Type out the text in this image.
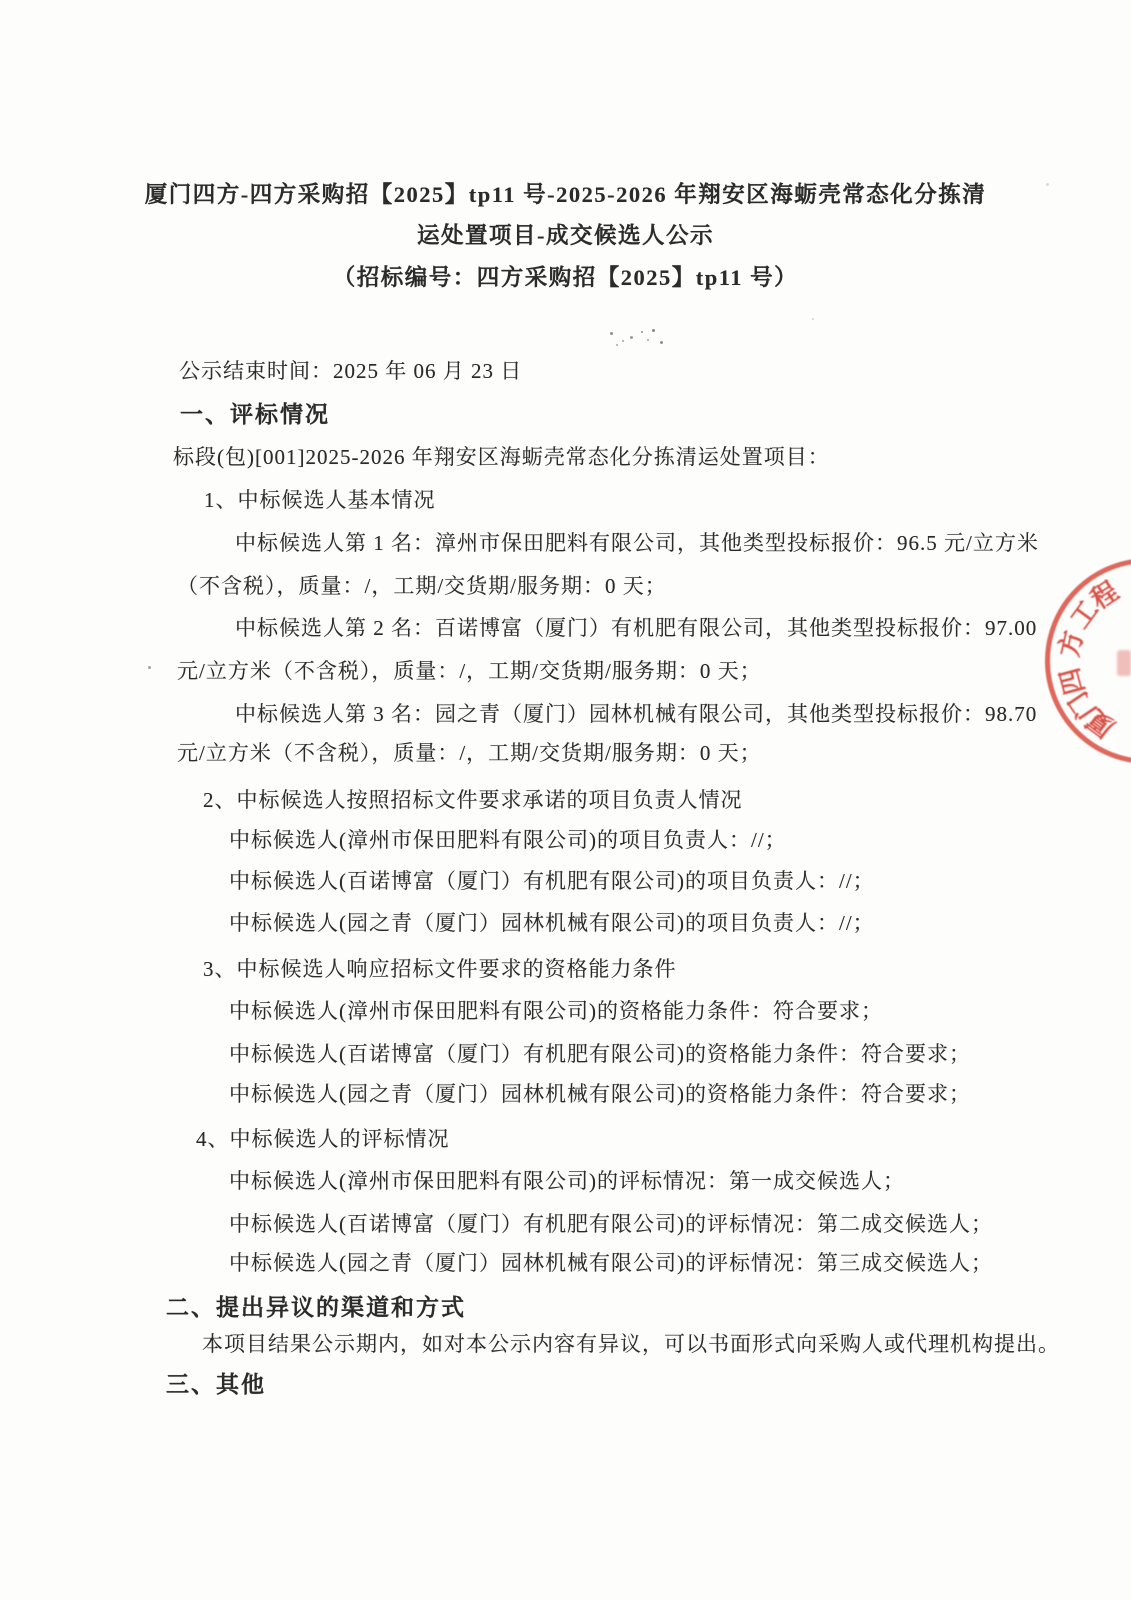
厦门四方-四方采购招【2025】tp11 号-2025-2026 年翔安区海蛎壳常态化分拣清
运处置项目-成交候选人公示
（招标编号：四方采购招【2025】tp11 号）
公示结束时间：2025 年 06 月 23 日
一、评标情况
标段(包)[001]2025-2026 年翔安区海蛎壳常态化分拣清运处置项目：
1、中标候选人基本情况
中标候选人第 1 名：漳州市保田肥料有限公司，其他类型投标报价：96.5 元/立方米
（不含税），质量：/，工期/交货期/服务期：0 天；
中标候选人第 2 名：百诺博富（厦门）有机肥有限公司，其他类型投标报价：97.00
元/立方米（不含税），质量：/，工期/交货期/服务期：0 天；
中标候选人第 3 名：园之青（厦门）园林机械有限公司，其他类型投标报价：98.70
元/立方米（不含税），质量：/，工期/交货期/服务期：0 天；
2、中标候选人按照招标文件要求承诺的项目负责人情况
中标候选人(漳州市保田肥料有限公司)的项目负责人：//；
中标候选人(百诺博富（厦门）有机肥有限公司)的项目负责人：//；
中标候选人(园之青（厦门）园林机械有限公司)的项目负责人：//；
3、中标候选人响应招标文件要求的资格能力条件
中标候选人(漳州市保田肥料有限公司)的资格能力条件：符合要求；
中标候选人(百诺博富（厦门）有机肥有限公司)的资格能力条件：符合要求；
中标候选人(园之青（厦门）园林机械有限公司)的资格能力条件：符合要求；
4、中标候选人的评标情况
中标候选人(漳州市保田肥料有限公司)的评标情况：第一成交候选人；
中标候选人(百诺博富（厦门）有机肥有限公司)的评标情况：第二成交候选人；
中标候选人(园之青（厦门）园林机械有限公司)的评标情况：第三成交候选人；
二、提出异议的渠道和方式
本项目结果公示期内，如对本公示内容有异议，可以书面形式向采购人或代理机构提出。
三、其他
厦
门
四
方
工
程
